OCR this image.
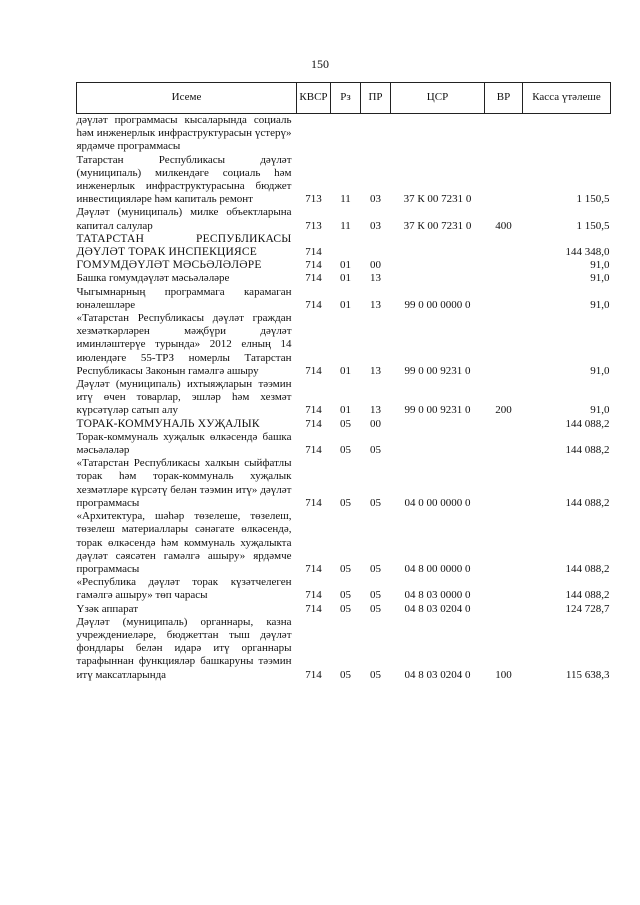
150
Исеме	КВСР	Рз	ПР	ЦСР	ВР	Касса үтәлеше
дәүләт программасы кысаларында социаль һәм инженерлык инфраструктурасын үстерү» ярдәмче программасы						
Татарстан Республикасы дәүләт (муниципаль) милкендәге социаль һәм инженерлык инфраструктурасына бюджет инвестицияләре һәм капиталь ремонт	713	11	03	37 К 00 7231 0		1 150,5
Дәүләт (муниципаль) милке объектларына капитал салулар	713	11	03	37 К 00 7231 0	400	1 150,5
ТАТАРСТАН РЕСПУБЛИКАСЫ ДӘҮЛӘТ ТОРАК ИНСПЕКЦИЯСЕ	714					144 348,0
ГОМУМДӘҮЛӘТ МӘСЬӘЛӘЛӘРЕ	714	01	00			91,0
Башка гомумдәүләт мәсьәләләре	714	01	13			91,0
Чыгымнарның программага карамаган юнәлешләре	714	01	13	99 0 00 0000 0		91,0
«Татарстан Республикасы дәүләт граждан хезмәткәрләрен мәҗбүри дәүләт иминләштерүе турында» 2012 елның 14 июлендәге 55-ТРЗ номерлы Татарстан Республикасы Законын гамәлгә ашыру	714	01	13	99 0 00 9231 0		91,0
Дәүләт (муниципаль) ихтыяҗларын тәэмин итү өчен товарлар, эшләр һәм хезмәт күрсәтүләр сатып алу	714	01	13	99 0 00 9231 0	200	91,0
ТОРАК-КОММУНАЛЬ ХУҖАЛЫК	714	05	00			144 088,2
Торак-коммуналь хуҗалык өлкәсендә башка мәсьәләләр	714	05	05			144 088,2
«Татарстан Республикасы халкын сыйфатлы торак һәм торак-коммуналь хуҗалык хезмәтләре күрсәтү белән тәэмин итү» дәүләт программасы	714	05	05	04 0 00 0000 0		144 088,2
«Архитектура, шәһәр төзелеше, төзелеш, төзелеш материаллары сәнәгате өлкәсендә, торак өлкәсендә һәм коммуналь хуҗалыкта дәүләт сәясәтен гамәлгә ашыру» ярдәмче программасы	714	05	05	04 8 00 0000 0		144 088,2
«Республика дәүләт торак күзәтчелеген гамәлгә ашыру» төп чарасы	714	05	05	04 8 03 0000 0		144 088,2
Үзәк аппарат	714	05	05	04 8 03 0204 0		124 728,7
Дәүләт (муниципаль) органнары, казна учреждениеләре, бюджеттан тыш дәүләт фондлары белән идарә итү органнары тарафыннан функцияләр башкаруны тәэмин итү максатларында	714	05	05	04 8 03 0204 0	100	115 638,3
